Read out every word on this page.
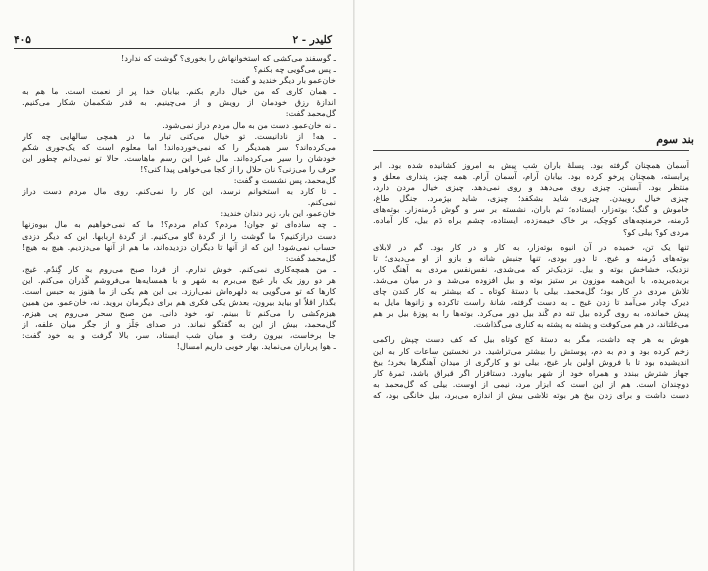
کلیدر - ۲
۴۰۵
ـ گوسفند می‌کشی که استخوانهاش را بخوری؟ گوشت که ندارد!
ـ پس می‌گویی چه بکنم؟
خان‌عمو بار دیگر خندید و گفت:
ـ همان کاری که من خیال دارم بکنم. بیابان خدا پر از نعمت است. ما هم به
اندازهٔ رزق خودمان از رویش و از می‌چینیم. به قدر شکممان شکار می‌کنیم.
گل‌محمد گفت:
ـ نه خان‌عمو. دست من به مال مردم دراز نمی‌شود.
ـ هه! از نادانیست. تو خیال می‌کنی تبار ما در همچی سالهایی چه کار
می‌کرده‌اند؟ سر همدیگر را که نمی‌خورده‌اند! اما معلوم است که یک‌جوری شکم
خودشان را سیر می‌کرده‌اند. مال غیرا این رسم ماهاست. حالا تو نمی‌دانم چطور این
حرف را می‌زنی؟ نان حلال را از کجا می‌خواهی پیدا کنی؟!
گل‌محمد، پس نشست و گفت:
ـ تا کارد به استخوانم نرسد، این کار را نمی‌کنم. روی مال مردم دست دراز
نمی‌کنم.
خان‌عمو، این بار، زیر دندان خندید:
ـ چه ساده‌ای تو جوان! مردم؟ کدام مردم؟! ما که نمی‌خواهیم به مال بیوه‌زنها
دست درازکنیم؟ ما گوشت را از گردهٔ گاو می‌کنیم. از گردهٔ اربابها. این که دیگر دزدی
حساب نمی‌شود! این که از آنها تا دیگران دزدیده‌اند، ما هم از آنها می‌دزدیم. هیچ به هیچ!
گل‌محمد گفت:
ـ من همچه‌کاری نمی‌کنم. خوش ندارم. از فردا صبح می‌روم به کار گِندُم. غیج،
هر دو روز یک بار غیج می‌برم به شهر و با همسایه‌ها می‌فروشم گُذران می‌کنم. این
کارها که تو می‌گویی به دلهره‌اش نمی‌ارزد. بی این هم یکی از ما هنوز به حبس است.
بگذار اقلاً او بیاید بیرون، بعدش یکی فکری هم برای دیگرمان بروید. نه، خان‌عمو. من همین
هیزم‌کشی را می‌کنم تا ببینم. تو، خود دانی. من صبح سحر می‌روم پی هیزم.
گل‌محمد، بیش از این به گفتگو نماند. در صدای جَلّز و از جگر میان علفه، از
جا برخاست، بیرون رفت و میان شب ایستاد، سر، بالا گرفت و به خود گفت:
ـ هوا پرباران می‌نماید. بهار خوبی داریم امسال!
بند سوم
آسمان همچنان گرفته بود. پسلهٔ باران شب پیش به امروز کشانیده شده بود. ابر
پرابسته، همچنان پرخو کرده بود. بیابان آرام، آسمان آرام. همه چیز، پنداری معلق و
منتظر بود. آبستن. چیزی روی می‌دهد و روی نمی‌دهد. چیزی خیال مردن دارد،
چیزی خیال روییدن. چیزی، شاید بشکفد؛ چیزی، شاید بپژمرد. جنگل طاغ،
خاموش و گنگ؛ بوته‌زار، ایستاده؛ تم باران، نشسته بر سر و گوش دُرمنه‌زار. بوته‌های
دُرمنه، خرمنچه‌های کوچک، بر خاک خیمه‌زده، ایستاده، چشم براه دَم بیل، کار آماده.
مردی کو؟ بیلی کو؟
تنها یک تن، خمیده در آن انبوه بوته‌زار، به کار و در کار بود. گم در لابلای
بوته‌های دُرمنه و غیج. تا دور بودی، تنها جنبش شانه و بازو از او می‌دیدی؛ تا
نزدیک، خشاخش بوته و بیل. نزدیک‌تر که می‌شدی، نفس‌نفس مردی به آهنگ کار،
بریده‌بریده، با این‌همه موزون بر ستیز بوته و بیل افزوده می‌شد و در میان می‌شد.
تلاش مردی در کار بود؛ گل‌محمد. بیلی با دستهٔ کوتاه ـ که بیشتر به کار کندن چای
دیرک چادر می‌آمد تا زدن غیج ـ به دست گرفته، شانهٔ راست تاکرده و زانوها مایل به
پیش خمانده، به روی گرده بیل تنه دم گُند بیل دور می‌کرد. بوته‌ها را به پوزهٔ بیل بر هم
می‌غلتاند، در هم می‌کوفت و پشته به پشته به کناری می‌گذاشت.
هوش به هر چه داشت، مگر به دستهٔ کج کوتاه بیل که کف دست چپش راکمی
زخم کرده بود و دم به دم، پوستش را بیشتر می‌تراشید. در نخستین ساعات کار به این
اندیشیده بود تا با فروش اولین بار غیج، بیلی نو و کارگری از میدان آهنگرها بخرد؛ بیخ
جهاز شترش ببندد و همراه خود از شهر بیاورد. دستافزار اگر قبراق باشد، ثمرهٔ کار
دوچندان است. هم از این است که ابزار مرد، نیمی از اوست. بیلی که گل‌محمد به
دست داشت و برای زدن بیخ هر بوته تلاشی بیش از اندازه می‌برد، بیل خانگی بود، که
